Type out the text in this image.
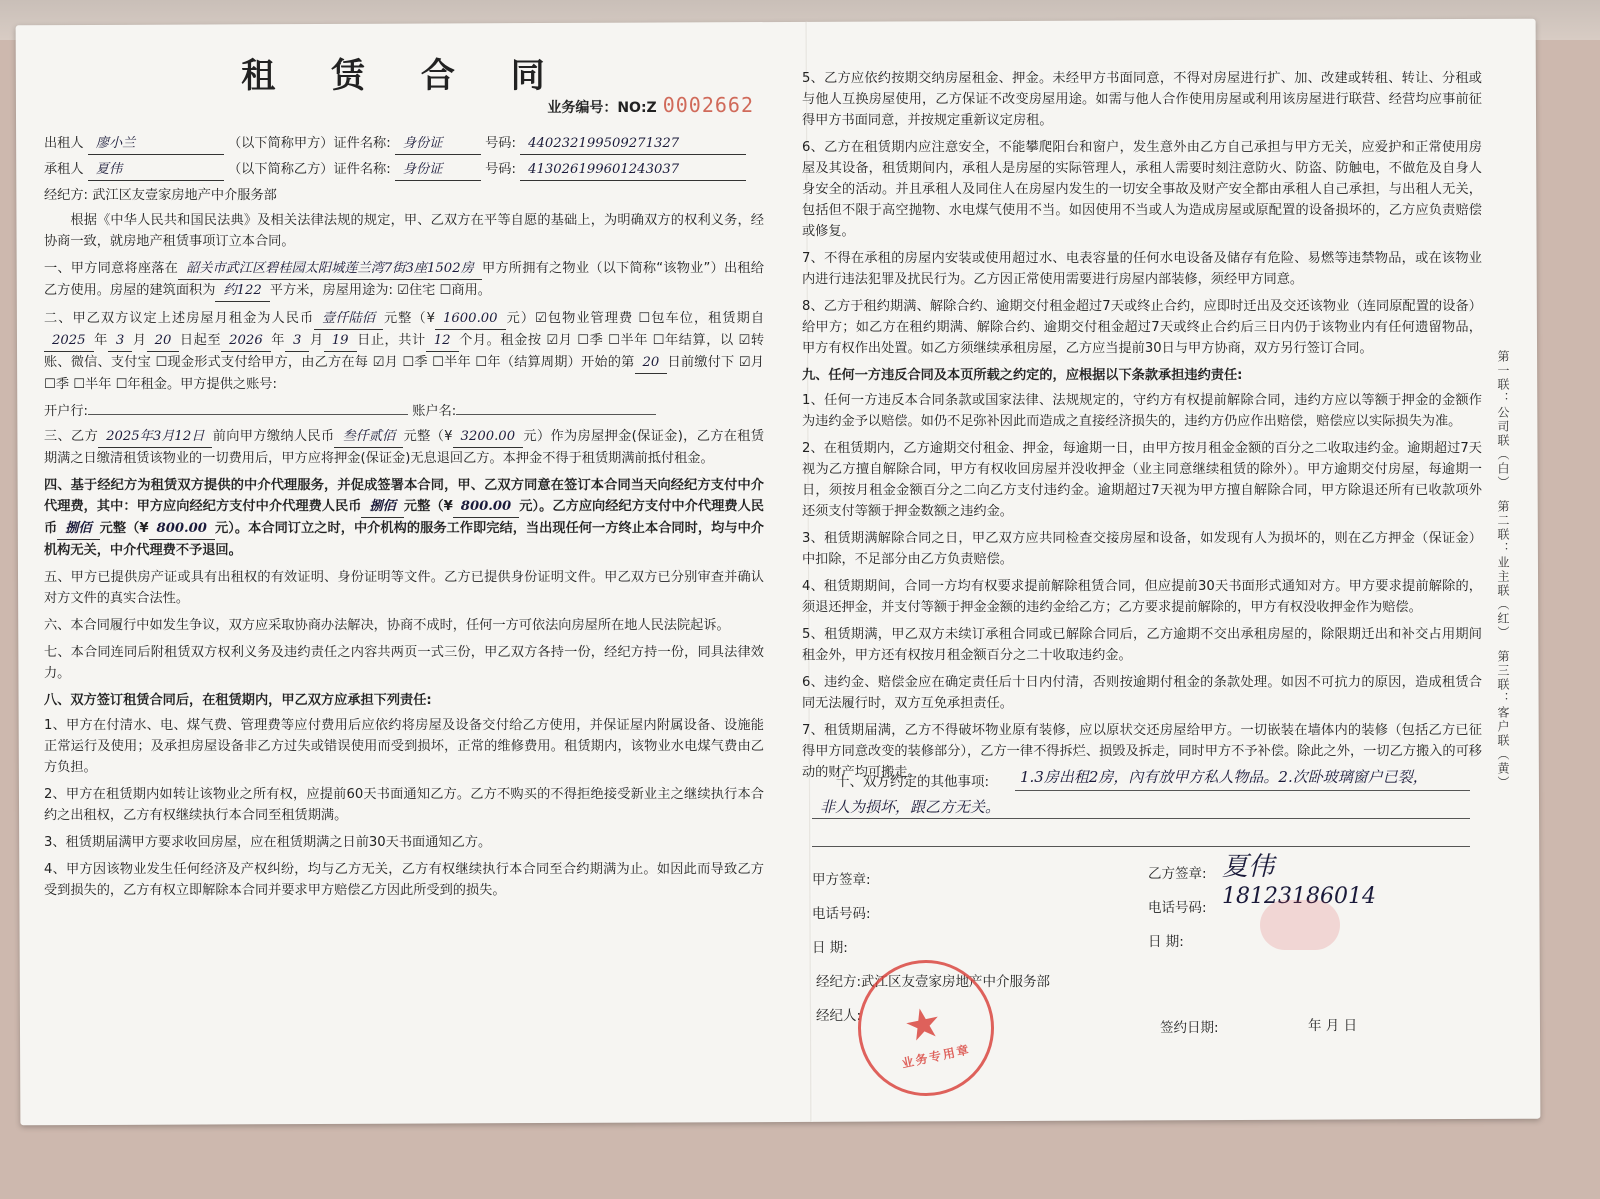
租 赁 合 同
业务编号：NO:Z 0002662
出租人 廖小兰	（以下简称甲方）证件名称: 身份证	号码: 440232199509271327
承租人 夏伟	（以下简称乙方）证件名称: 身份证	号码: 413026199601243037
经纪方: 武江区友壹家房地产中介服务部
根据《中华人民共和国民法典》及相关法律法规的规定，甲、乙双方在平等自愿的基础上，为明确双方的权利义务，经协商一致，就房地产租赁事项订立本合同。
一、甲方同意将座落在 韶关市武江区碧桂园太阳城莲兰湾7街3座1502房 甲方所拥有之物业（以下简称“该物业”）出租给乙方使用。房屋的建筑面积为 约122 平方米，房屋用途为: ☑住宅 ☐商用。
二、甲乙双方议定上述房屋月租金为人民币 壹仟陆佰 元整（¥ 1600.00 元）☑包物业管理费 ☐包车位，租赁期自2025 年 3 月 20 日起至 2026 年 3 月 19 日止，共计 12 个月。租金按 ☑月 ☐季 ☐半年 ☐年结算，以 ☑转账、微信、支付宝 ☐现金形式支付给甲方，由乙方在每 ☑月 ☐季 ☐半年 ☐年（结算周期）开始的第 20 日前缴付下 ☑月 ☐季 ☐半年 ☐年租金。甲方提供之账号:
开户行:	账户名:
三、乙方 2025年3月12日 前向甲方缴纳人民币 叁仟贰佰 元整（¥ 3200.00 元）作为房屋押金(保证金)，乙方在租赁期满之日缴清租赁该物业的一切费用后，甲方应将押金(保证金)无息退回乙方。本押金不得于租赁期满前抵付租金。
四、基于经纪方为租赁双方提供的中介代理服务，并促成签署本合同，甲、乙双方同意在签订本合同当天向经纪方支付中介代理费，其中：甲方应向经纪方支付中介代理费人民币 捌佰 元整（¥ 800.00 元）。乙方应向经纪方支付中介代理费人民币 捌佰 元整（¥ 800.00 元）。本合同订立之时，中介机构的服务工作即完结，当出现任何一方终止本合同时，均与中介机构无关，中介代理费不予退回。
五、甲方已提供房产证或具有出租权的有效证明、身份证明等文件。乙方已提供身份证明文件。甲乙双方已分别审查并确认对方文件的真实合法性。
六、本合同履行中如发生争议，双方应采取协商办法解决，协商不成时，任何一方可依法向房屋所在地人民法院起诉。
七、本合同连同后附租赁双方权利义务及违约责任之内容共两页一式三份，甲乙双方各持一份，经纪方持一份，同具法律效力。
八、双方签订租赁合同后，在租赁期内，甲乙双方应承担下列责任:
1、甲方在付清水、电、煤气费、管理费等应付费用后应依约将房屋及设备交付给乙方使用，并保证屋内附属设备、设施能正常运行及使用；及承担房屋设备非乙方过失或错误使用而受到损坏，正常的维修费用。租赁期内，该物业水电煤气费由乙方负担。
2、甲方在租赁期内如转让该物业之所有权，应提前60天书面通知乙方。乙方不购买的不得拒绝接受新业主之继续执行本合约之出租权，乙方有权继续执行本合同至租赁期满。
3、租赁期届满甲方要求收回房屋，应在租赁期满之日前30天书面通知乙方。
4、甲方因该物业发生任何经济及产权纠纷，均与乙方无关，乙方有权继续执行本合同至合约期满为止。如因此而导致乙方受到损失的，乙方有权立即解除本合同并要求甲方赔偿乙方因此所受到的损失。
5、乙方应依约按期交纳房屋租金、押金。未经甲方书面同意，不得对房屋进行扩、加、改建或转租、转让、分租或与他人互换房屋使用，乙方保证不改变房屋用途。如需与他人合作使用房屋或利用该房屋进行联营、经营均应事前征得甲方书面同意，并按规定重新议定房租。
6、乙方在租赁期内应注意安全，不能攀爬阳台和窗户，发生意外由乙方自己承担与甲方无关，应爱护和正常使用房屋及其设备，租赁期间内，承租人是房屋的实际管理人，承租人需要时刻注意防火、防盗、防触电，不做危及自身人身安全的活动。并且承租人及同住人在房屋内发生的一切安全事故及财产安全都由承租人自己承担，与出租人无关，包括但不限于高空抛物、水电煤气使用不当。如因使用不当或人为造成房屋或原配置的设备损坏的，乙方应负责赔偿或修复。
7、不得在承租的房屋内安装或使用超过水、电表容量的任何水电设备及储存有危险、易燃等违禁物品，或在该物业内进行违法犯罪及扰民行为。乙方因正常使用需要进行房屋内部装修，须经甲方同意。
8、乙方于租约期满、解除合约、逾期交付租金超过7天或终止合约，应即时迁出及交还该物业（连同原配置的设备）给甲方；如乙方在租约期满、解除合约、逾期交付租金超过7天或终止合约后三日内仍于该物业内有任何遗留物品，甲方有权作出处置。如乙方须继续承租房屋，乙方应当提前30日与甲方协商，双方另行签订合同。
九、任何一方违反合同及本页所载之约定的，应根据以下条款承担违约责任:
1、任何一方违反本合同条款或国家法律、法规规定的，守约方有权提前解除合同，违约方应以等额于押金的金额作为违约金予以赔偿。如仍不足弥补因此而造成之直接经济损失的，违约方仍应作出赔偿，赔偿应以实际损失为准。
2、在租赁期内，乙方逾期交付租金、押金，每逾期一日，由甲方按月租金金额的百分之二收取违约金。逾期超过7天视为乙方擅自解除合同，甲方有权收回房屋并没收押金（业主同意继续租赁的除外）。甲方逾期交付房屋，每逾期一日，须按月租金金额百分之二向乙方支付违约金。逾期超过7天视为甲方擅自解除合同，甲方除退还所有已收款项外还须支付等额于押金数额之违约金。
3、租赁期满解除合同之日，甲乙双方应共同检查交接房屋和设备，如发现有人为损坏的，则在乙方押金（保证金）中扣除，不足部分由乙方负责赔偿。
4、租赁期期间，合同一方均有权要求提前解除租赁合同，但应提前30天书面形式通知对方。甲方要求提前解除的，须退还押金，并支付等额于押金金额的违约金给乙方；乙方要求提前解除的，甲方有权没收押金作为赔偿。
5、租赁期满，甲乙双方未续订承租合同或已解除合同后，乙方逾期不交出承租房屋的，除限期迁出和补交占用期间租金外，甲方还有权按月租金额百分之二十收取违约金。
6、违约金、赔偿金应在确定责任后十日内付清，否则按逾期付租金的条款处理。如因不可抗力的原因，造成租赁合同无法履行时，双方互免承担责任。
7、租赁期届满，乙方不得破坏物业原有装修，应以原状交还房屋给甲方。一切嵌装在墙体内的装修（包括乙方已征得甲方同意改变的装修部分），乙方一律不得拆烂、损毁及拆走，同时甲方不予补偿。除此之外，一切乙方搬入的可移动的财产均可搬走。
十、双方约定的其他事项: 1.3房出租2房，內有放甲方私人物品。2.次卧玻璃窗户已裂，
非人为损坏，跟乙方无关。
甲方签章:
电话号码:
日 期:
乙方签章: 夏伟
电话号码: 18123186014
日 期:
经纪方:武江区友壹家房地产中介服务部
经纪人:
签约日期:	年 月 日
★
业务专用章
第一联：公司联（白）
第二联：业主联（红）
第三联：客户联（黄）
